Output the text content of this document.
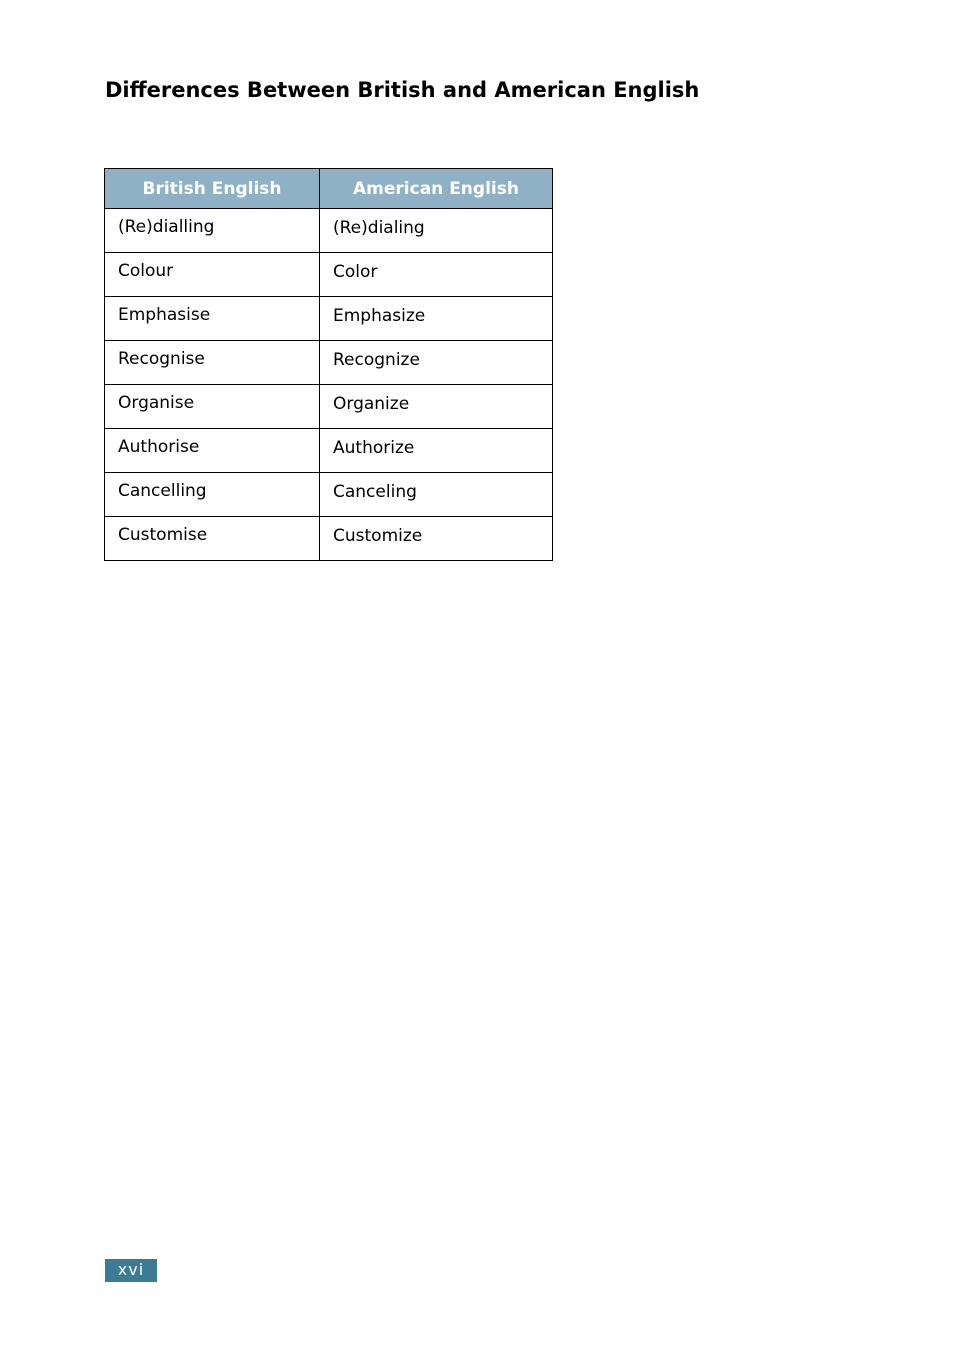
Differences Between British and American English
British English	American English
(Re)dialling	(Re)dialing
Colour	Color
Emphasise	Emphasize
Recognise	Recognize
Organise	Organize
Authorise	Authorize
Cancelling	Canceling
Customise	Customize
xvi
